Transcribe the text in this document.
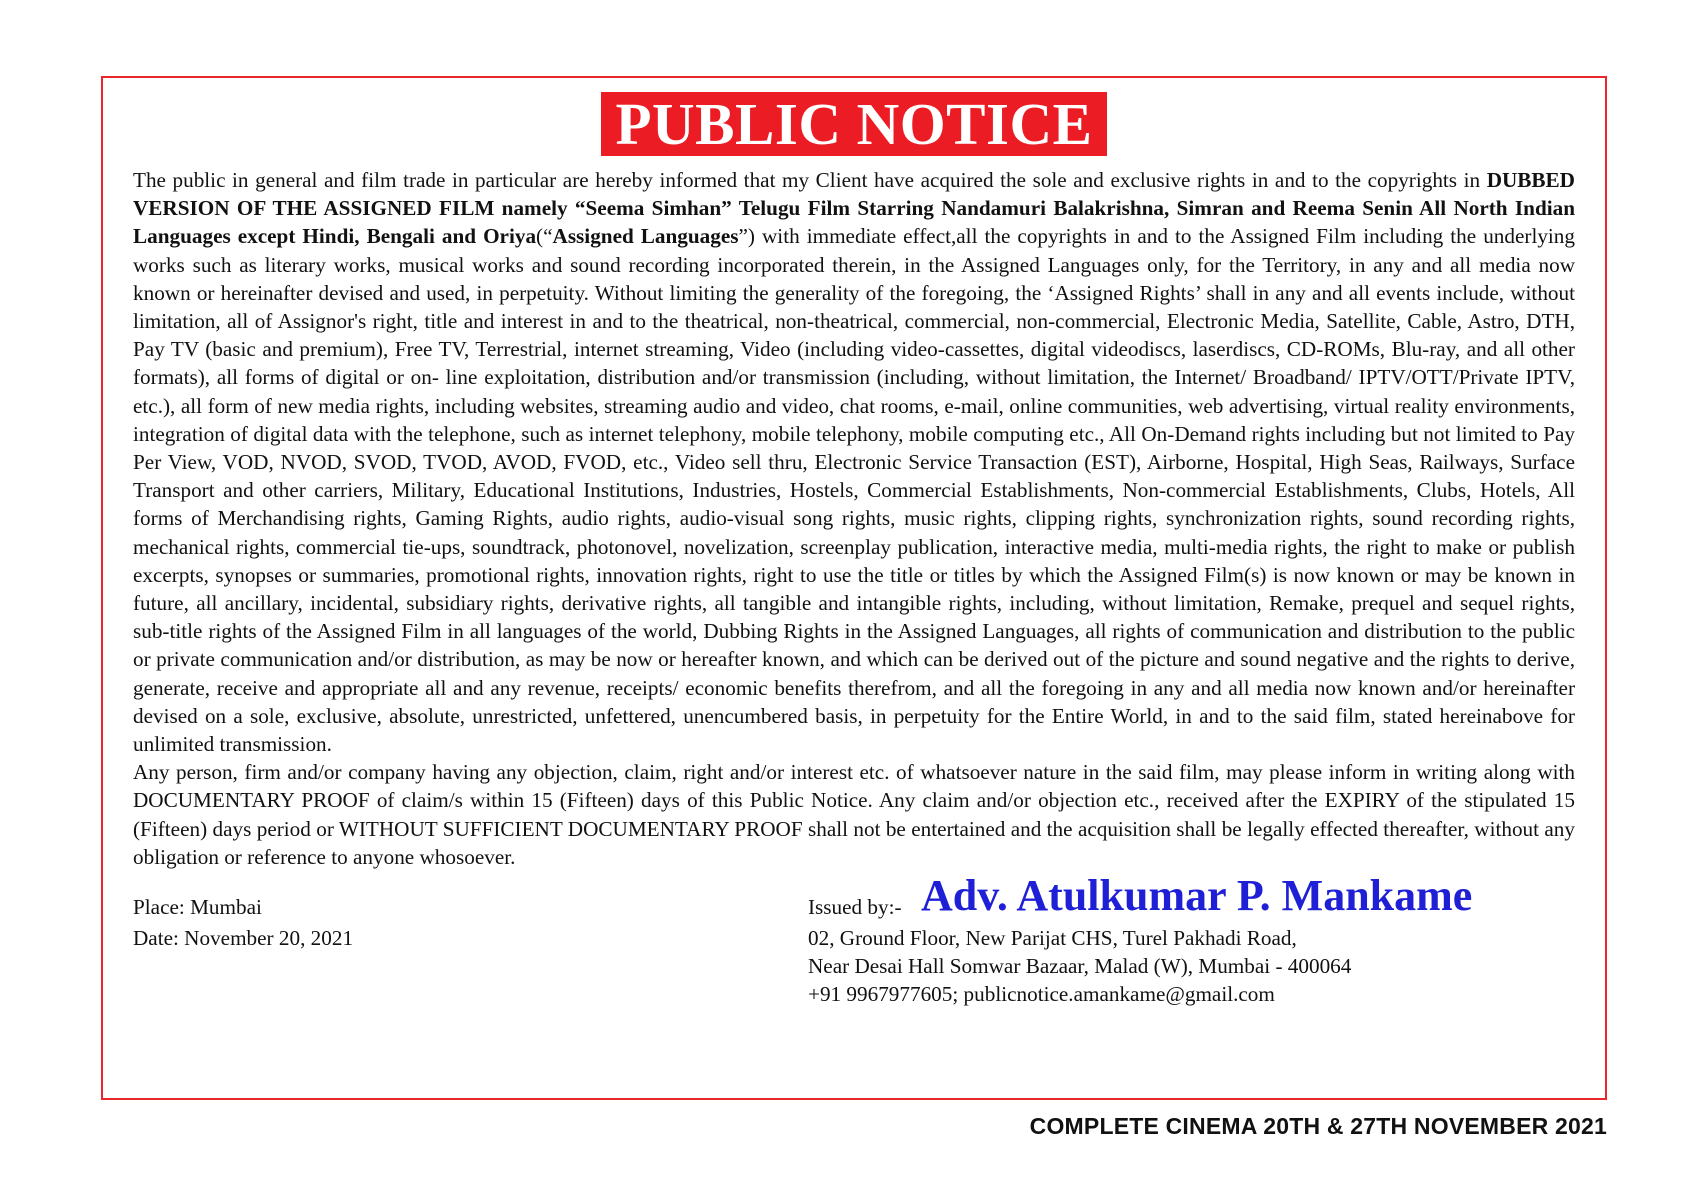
PUBLIC NOTICE

The public in general and film trade in particular are hereby informed that my Client have acquired the sole and exclusive rights in and to the copyrights in DUBBED VERSION OF THE ASSIGNED FILM namely “Seema Simhan” Telugu Film Starring Nandamuri Balakrishna, Simran and Reema Senin All North Indian Languages except Hindi, Bengali and Oriya(“Assigned Languages”) with immediate effect,all the copyrights in and to the Assigned Film including the underlying works such as literary works, musical works and sound recording incorporated therein, in the Assigned Languages only, for the Territory, in any and all media now known or hereinafter devised and used, in perpetuity. Without limiting the generality of the foregoing, the ‘Assigned Rights’ shall in any and all events include, without limitation, all of Assignor's right, title and interest in and to the theatrical, non-theatrical, commercial, non-commercial, Electronic Media, Satellite, Cable, Astro, DTH, Pay TV (basic and premium), Free TV, Terrestrial, internet streaming, Video (including video-cassettes, digital videodiscs, laserdiscs, CD-ROMs, Blu-ray, and all other formats), all forms of digital or on- line exploitation, distribution and/or transmission (including, without limitation, the Internet/ Broadband/ IPTV/OTT/Private IPTV, etc.), all form of new media rights, including websites, streaming audio and video, chat rooms, e-mail, online communities, web advertising, virtual reality environments, integration of digital data with the telephone, such as internet telephony, mobile telephony, mobile computing etc., All On-Demand rights including but not limited to Pay Per View, VOD, NVOD, SVOD, TVOD, AVOD, FVOD, etc., Video sell thru, Electronic Service Transaction (EST), Airborne, Hospital, High Seas, Railways, Surface Transport and other carriers, Military, Educational Institutions, Industries, Hostels, Commercial Establishments, Non-commercial Establishments, Clubs, Hotels, All forms of Merchandising rights, Gaming Rights, audio rights, audio-visual song rights, music rights, clipping rights, synchronization rights, sound recording rights, mechanical rights, commercial tie-ups, soundtrack, photonovel, novelization, screenplay publication, interactive media, multi-media rights, the right to make or publish excerpts, synopses or summaries, promotional rights, innovation rights, right to use the title or titles by which the Assigned Film(s) is now known or may be known in future, all ancillary, incidental, subsidiary rights, derivative rights, all tangible and intangible rights, including, without limitation, Remake, prequel and sequel rights, sub-title rights of the Assigned Film in all languages of the world, Dubbing Rights in the Assigned Languages, all rights of communication and distribution to the public or private communication and/or distribution, as may be now or hereafter known, and which can be derived out of the picture and sound negative and the rights to derive, generate, receive and appropriate all and any revenue, receipts/ economic benefits therefrom, and all the foregoing in any and all media now known and/or hereinafter devised on a sole, exclusive, absolute, unrestricted, unfettered, unencumbered basis, in perpetuity for the Entire World, in and to the said film, stated hereinabove for unlimited transmission.

Any person, firm and/or company having any objection, claim, right and/or interest etc. of whatsoever nature in the said film, may please inform in writing along with DOCUMENTARY PROOF of claim/s within 15 (Fifteen) days of this Public Notice. Any claim and/or objection etc., received after the EXPIRY of the stipulated 15 (Fifteen) days period or WITHOUT SUFFICIENT DOCUMENTARY PROOF shall not be entertained and the acquisition shall be legally effected thereafter, without any obligation or reference to anyone whosoever.

Place: Mumbai
Date: November 20, 2021
Issued by:- Adv. Atulkumar P. Mankame
02, Ground Floor, New Parijat CHS, Turel Pakhadi Road,
Near Desai Hall Somwar Bazaar, Malad (W), Mumbai - 400064
+91 9967977605; publicnotice.amankame@gmail.com
COMPLETE CINEMA 20TH & 27TH NOVEMBER 2021
